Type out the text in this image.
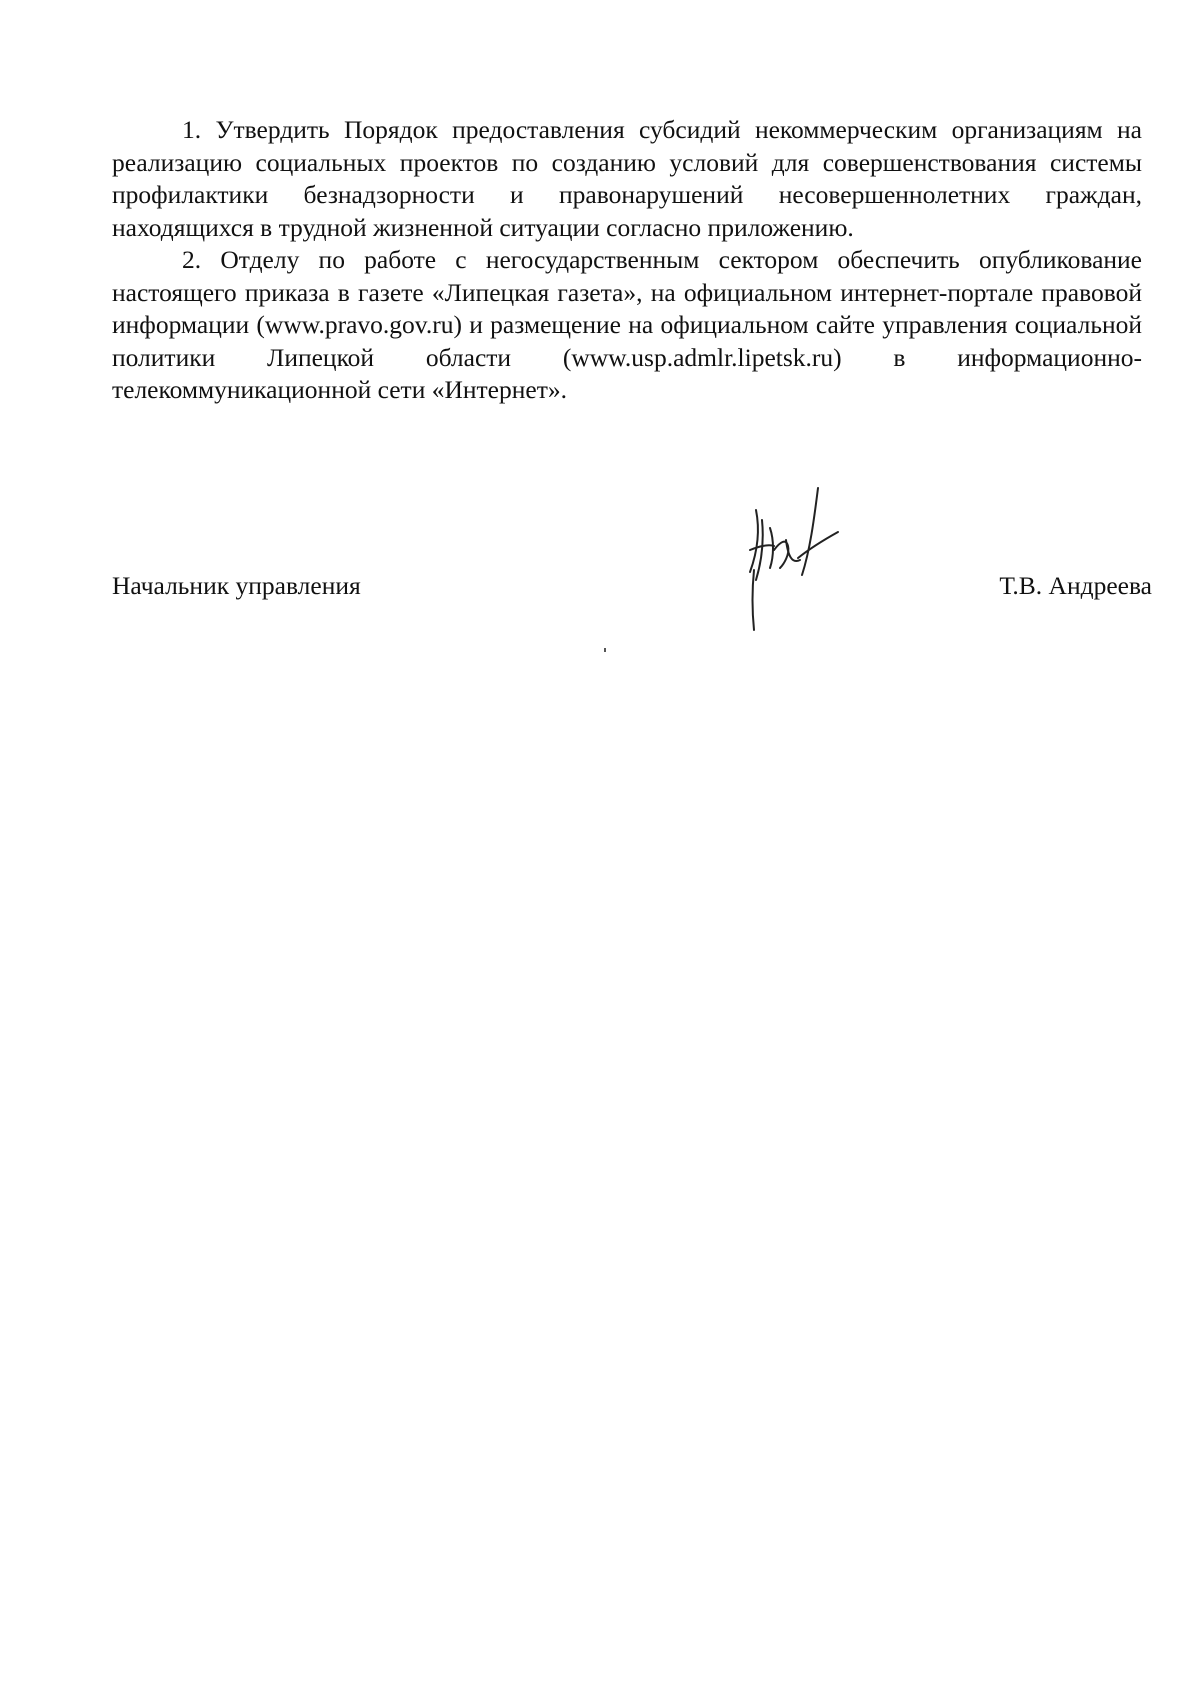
1. Утвердить Порядок предоставления субсидий некоммерческим организациям на реализацию социальных проектов по созданию условий для совершенствования системы профилактики безнадзорности и правонарушений несовершеннолетних граждан, находящихся в трудной жизненной ситуации согласно приложению.

2. Отделу по работе с негосударственным сектором обеспечить опубликование настоящего приказа в газете «Липецкая газета», на официальном интернет-портале правовой информации (www.pravo.gov.ru) и размещение на официальном сайте управления социальной политики Липецкой области (www.usp.admlr.lipetsk.ru) в информационно-телекоммуникационной сети «Интернет».

Начальник управления	Т.В. Андреева
